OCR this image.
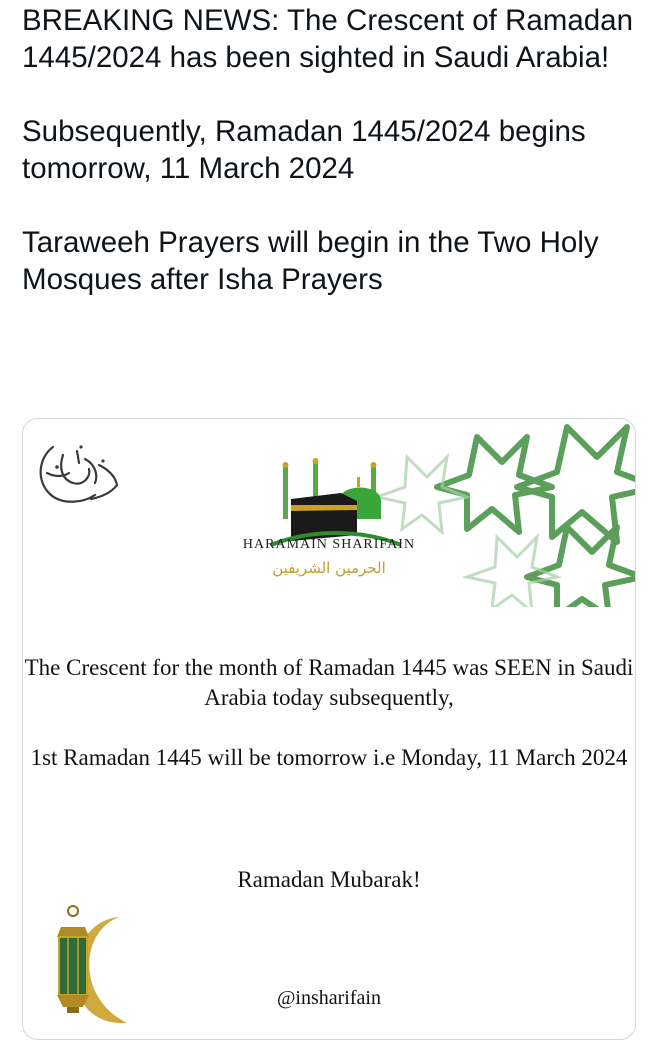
BREAKING NEWS: The Crescent of Ramadan 1445/2024 has been sighted in Saudi Arabia!

Subsequently, Ramadan 1445/2024 begins tomorrow, 11 March 2024

Taraweeh Prayers will begin in the Two Holy Mosques after Isha Prayers

HARAMAIN SHARIFAIN
الحرمين الشريفين
The Crescent for the month of Ramadan 1445 was SEEN in Saudi Arabia today subsequently,
1st Ramadan 1445 will be tomorrow i.e Monday, 11 March 2024
Ramadan Mubarak!
@insharifain
